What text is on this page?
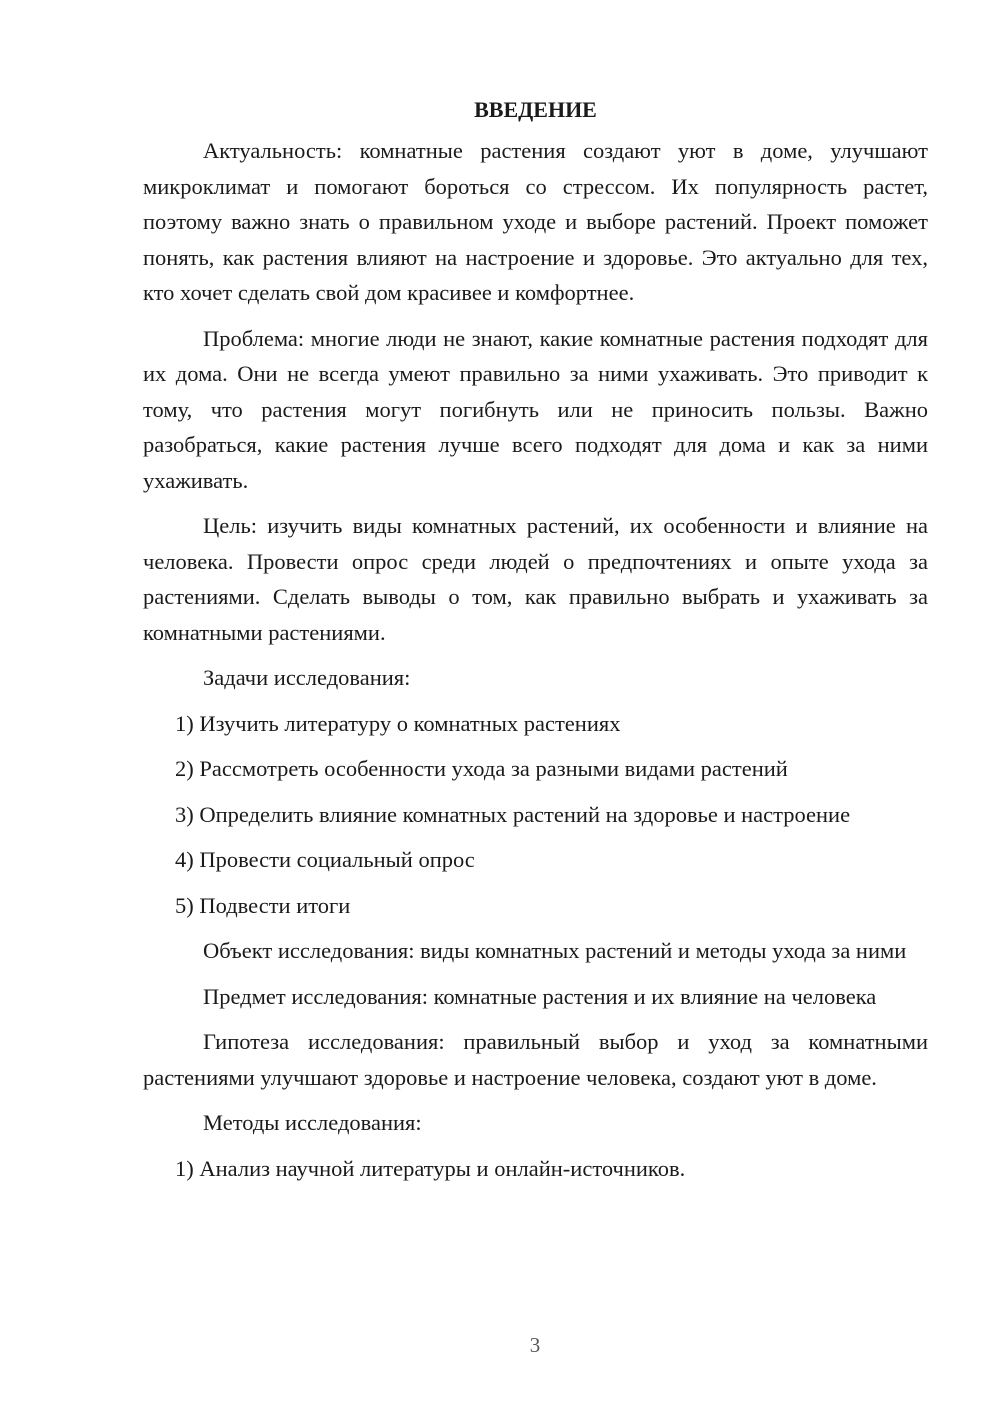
ВВЕДЕНИЕ

Актуальность: комнатные растения создают уют в доме, улучшают микроклимат и помогают бороться со стрессом. Их популярность растет, поэтому важно знать о правильном уходе и выборе растений. Проект поможет понять, как растения влияют на настроение и здоровье. Это актуально для тех, кто хочет сделать свой дом красивее и комфортнее.

Проблема: многие люди не знают, какие комнатные растения подходят для их дома. Они не всегда умеют правильно за ними ухаживать. Это приводит к тому, что растения могут погибнуть или не приносить пользы. Важно разобраться, какие растения лучше всего подходят для дома и как за ними ухаживать.

Цель: изучить виды комнатных растений, их особенности и влияние на человека. Провести опрос среди людей о предпочтениях и опыте ухода за растениями. Сделать выводы о том, как правильно выбрать и ухаживать за комнатными растениями.

Задачи исследования:

1) Изучить литературу о комнатных растениях

2) Рассмотреть особенности ухода за разными видами растений

3) Определить влияние комнатных растений на здоровье и настроение

4) Провести социальный опрос

5) Подвести итоги

Объект исследования: виды комнатных растений и методы ухода за ними

Предмет исследования: комнатные растения и их влияние на человека

Гипотеза исследования: правильный выбор и уход за комнатными растениями улучшают здоровье и настроение человека, создают уют в доме.

Методы исследования:

1) Анализ научной литературы и онлайн-источников.

3
